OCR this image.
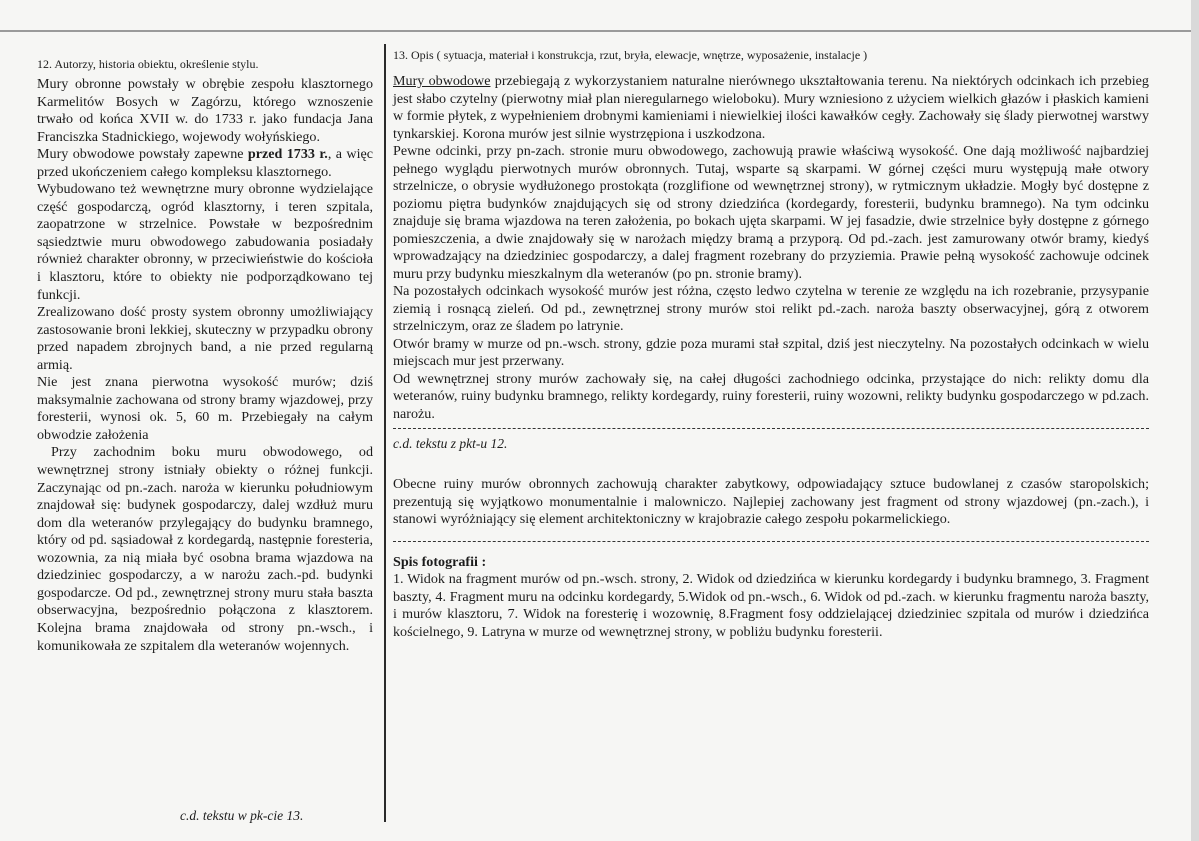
12. Autorzy, historia obiektu, określenie stylu.

Mury obronne powstały w obrębie zespołu klasztornego Karmelitów Bosych w Zagórzu, którego wznoszenie trwało od końca XVII w. do 1733 r. jako fundacja Jana Franciszka Stadnickiego, wojewody wołyńskiego.

Mury obwodowe powstały zapewne przed 1733 r., a więc przed ukończeniem całego kompleksu klasztornego.

Wybudowano też wewnętrzne mury obronne wydzielające część gospodarczą, ogród klasztorny, i teren szpitala, zaopatrzone w strzelnice. Powstałe w bezpośrednim sąsiedztwie muru obwodowego zabudowania posiadały również charakter obronny, w przeciwieństwie do kościoła i klasztoru, które to obiekty nie podporządkowano tej funkcji.

Zrealizowano dość prosty system obronny umożliwiający zastosowanie broni lekkiej, skuteczny w przypadku obrony przed napadem zbrojnych band, a nie przed regularną armią.

Nie jest znana pierwotna wysokość murów; dziś maksymalnie zachowana od strony bramy wjazdowej, przy foresterii, wynosi ok. 5, 60 m. Przebiegały na całym obwodzie założenia

Przy zachodnim boku muru obwodowego, od wewnętrznej strony istniały obiekty o różnej funkcji. Zaczynając od pn.-zach. naroża w kierunku południowym znajdował się: budynek gospodarczy, dalej wzdłuż muru dom dla weteranów przylegający do budynku bramnego, który od pd. sąsiadował z kordegardą, następnie foresteria, wozownia, za nią miała być osobna brama wjazdowa na dziedziniec gospodarczy, a w narożu zach.-pd. budynki gospodarcze. Od pd., zewnętrznej strony muru stała baszta obserwacyjna, bezpośrednio połączona z klasztorem. Kolejna brama znajdowała od strony pn.-wsch., i komunikowała ze szpitalem dla weteranów wojennych.

c.d. tekstu w pk-cie 13.

13. Opis ( sytuacja, materiał i konstrukcja, rzut, bryła, elewacje, wnętrze, wyposażenie, instalacje )

Mury obwodowe przebiegają z wykorzystaniem naturalne nierównego ukształtowania terenu. Na niektórych odcinkach ich przebieg jest słabo czytelny (pierwotny miał plan nieregularnego wieloboku). Mury wzniesiono z użyciem wielkich głazów i płaskich kamieni w formie płytek, z wypełnieniem drobnymi kamieniami i niewielkiej ilości kawałków cegły. Zachowały się ślady pierwotnej warstwy tynkarskiej. Korona murów jest silnie wystrzępiona i uszkodzona.

Pewne odcinki, przy pn-zach. stronie muru obwodowego, zachowują prawie właściwą wysokość. One dają możliwość najbardziej pełnego wyglądu pierwotnych murów obronnych. Tutaj, wsparte są skarpami. W górnej części muru występują małe otwory strzelnicze, o obrysie wydłużonego prostokąta (rozglifione od wewnętrznej strony), w rytmicznym układzie. Mogły być dostępne z poziomu piętra budynków znajdujących się od strony dziedzińca (kordegardy, foresterii, budynku bramnego). Na tym odcinku znajduje się brama wjazdowa na teren założenia, po bokach ujęta skarpami. W jej fasadzie, dwie strzelnice były dostępne z górnego pomieszczenia, a dwie znajdowały się w narożach między bramą a przyporą. Od pd.-zach. jest zamurowany otwór bramy, kiedyś wprowadzający na dziedziniec gospodarczy, a dalej fragment rozebrany do przyziemia. Prawie pełną wysokość zachowuje odcinek muru przy budynku mieszkalnym dla weteranów (po pn. stronie bramy).

Na pozostałych odcinkach wysokość murów jest różna, często ledwo czytelna w terenie ze względu na ich rozebranie, przysypanie ziemią i rosnącą zieleń. Od pd., zewnętrznej strony murów stoi relikt pd.-zach. naroża baszty obserwacyjnej, górą z otworem strzelniczym, oraz ze śladem po latrynie.

Otwór bramy w murze od pn.-wsch. strony, gdzie poza murami stał szpital, dziś jest nieczytelny. Na pozostałych odcinkach w wielu miejscach mur jest przerwany.

Od wewnętrznej strony murów zachowały się, na całej długości zachodniego odcinka, przystające do nich: relikty domu dla weteranów, ruiny budynku bramnego, relikty kordegardy, ruiny foresterii, ruiny wozowni, relikty budynku gospodarczego w pd.zach. narożu.

c.d. tekstu z pkt-u 12.

Obecne ruiny murów obronnych zachowują charakter zabytkowy, odpowiadający sztuce budowlanej z czasów staropolskich; prezentują się wyjątkowo monumentalnie i malowniczo. Najlepiej zachowany jest fragment od strony wjazdowej (pn.-zach.), i stanowi wyróżniający się element architektoniczny w krajobrazie całego zespołu pokarmelickiego.

Spis fotografii :

1. Widok na fragment murów od pn.-wsch. strony, 2. Widok od dziedzińca w kierunku kordegardy i budynku bramnego, 3. Fragment baszty, 4. Fragment muru na odcinku kordegardy, 5.Widok od pn.-wsch., 6. Widok od pd.-zach. w kierunku fragmentu naroża baszty, i murów klasztoru, 7. Widok na foresterię i wozownię, 8.Fragment fosy oddzielającej dziedziniec szpitala od murów i dziedzińca kościelnego, 9. Latryna w murze od wewnętrznej strony, w pobliżu budynku foresterii.
